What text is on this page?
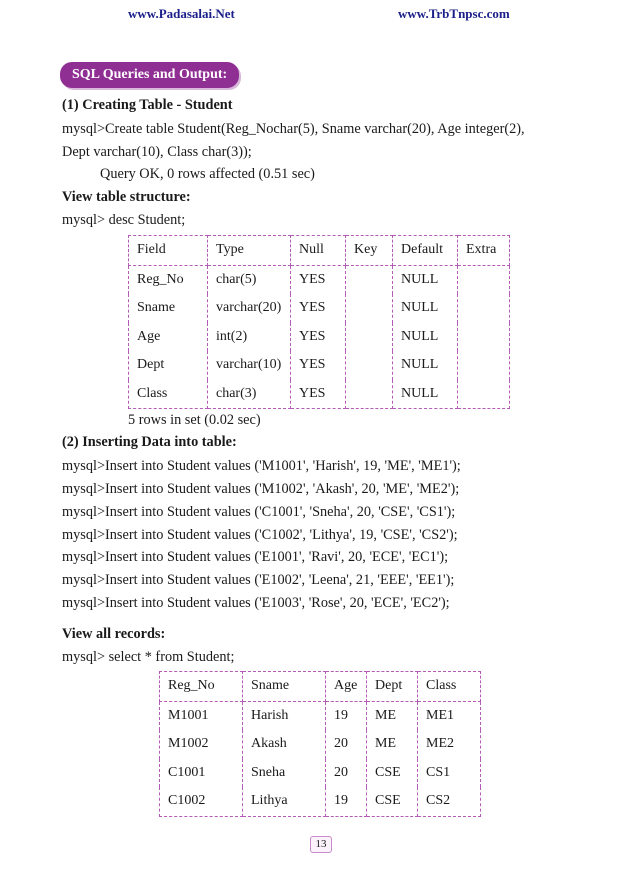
www.Padasalai.Net	www.TrbTnpsc.com
SQL Queries and Output:
(1) Creating Table - Student
mysql>Create table Student(Reg_Nochar(5), Sname varchar(20), Age integer(2),
Dept varchar(10), Class char(3));
Query OK, 0 rows affected (0.51 sec)
View table structure:
mysql> desc Student;
Field	Type	Null	Key	Default	Extra
Reg_No	char(5)	YES		NULL	
Sname	varchar(20)	YES		NULL	
Age	int(2)	YES		NULL	
Dept	varchar(10)	YES		NULL	
Class	char(3)	YES		NULL	
5 rows in set (0.02 sec)
(2) Inserting Data into table:
mysql>Insert into Student values ('M1001', 'Harish', 19, 'ME', 'ME1');
mysql>Insert into Student values ('M1002', 'Akash', 20, 'ME', 'ME2');
mysql>Insert into Student values ('C1001', 'Sneha', 20, 'CSE', 'CS1');
mysql>Insert into Student values ('C1002', 'Lithya', 19, 'CSE', 'CS2');
mysql>Insert into Student values ('E1001', 'Ravi', 20, 'ECE', 'EC1');
mysql>Insert into Student values ('E1002', 'Leena', 21, 'EEE', 'EE1');
mysql>Insert into Student values ('E1003', 'Rose', 20, 'ECE', 'EC2');
View all records:
mysql> select * from Student;
Reg_No	Sname	Age	Dept	Class
M1001	Harish	19	ME	ME1
M1002	Akash	20	ME	ME2
C1001	Sneha	20	CSE	CS1
C1002	Lithya	19	CSE	CS2
13
